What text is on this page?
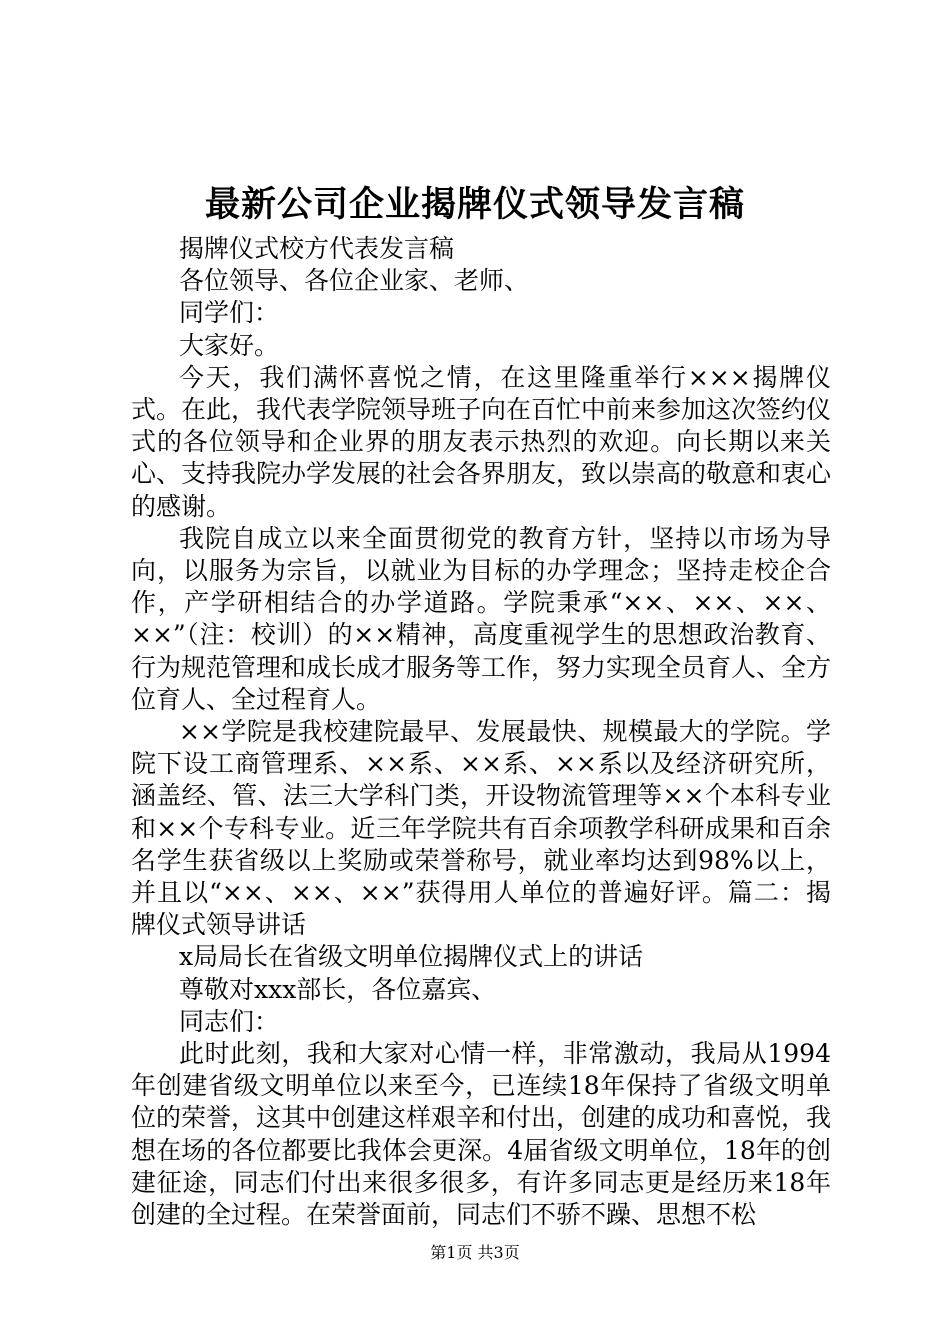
最新公司企业揭牌仪式领导发言稿

揭牌仪式校方代表发言稿

各位领导、各位企业家、老师、

同学们：

大家好。

今天，我们满怀喜悦之情，在这里隆重举行×××揭牌仪式。在此，我代表学院领导班子向在百忙中前来参加这次签约仪式的各位领导和企业界的朋友表示热烈的欢迎。向长期以来关心、支持我院办学发展的社会各界朋友，致以崇高的敬意和衷心的感谢。

我院自成立以来全面贯彻党的教育方针，坚持以市场为导向，以服务为宗旨，以就业为目标的办学理念；坚持走校企合作，产学研相结合的办学道路。学院秉承“××、××、××、××”（注：校训）的××精神，高度重视学生的思想政治教育、行为规范管理和成长成才服务等工作，努力实现全员育人、全方位育人、全过程育人。

××学院是我校建院最早、发展最快、规模最大的学院。学院下设工商管理系、××系、××系、××系以及经济研究所，涵盖经、管、法三大学科门类，开设物流管理等××个本科专业和××个专科专业。近三年学院共有百余项教学科研成果和百余名学生获省级以上奖励或荣誉称号，就业率均达到98%以上，并且以“××、××、××”获得用人单位的普遍好评。篇二：揭牌仪式领导讲话

x局局长在省级文明单位揭牌仪式上的讲话

尊敬对xxx部长，各位嘉宾、

同志们：

此时此刻，我和大家对心情一样，非常激动，我局从1994年创建省级文明单位以来至今，已连续18年保持了省级文明单位的荣誉，这其中创建这样艰辛和付出，创建的成功和喜悦，我想在场的各位都要比我体会更深。4届省级文明单位，18年的创建征途，同志们付出来很多很多，有许多同志更是经历来18年创建的全过程。在荣誉面前，同志们不骄不躁、思想不松

第1页 共3页
